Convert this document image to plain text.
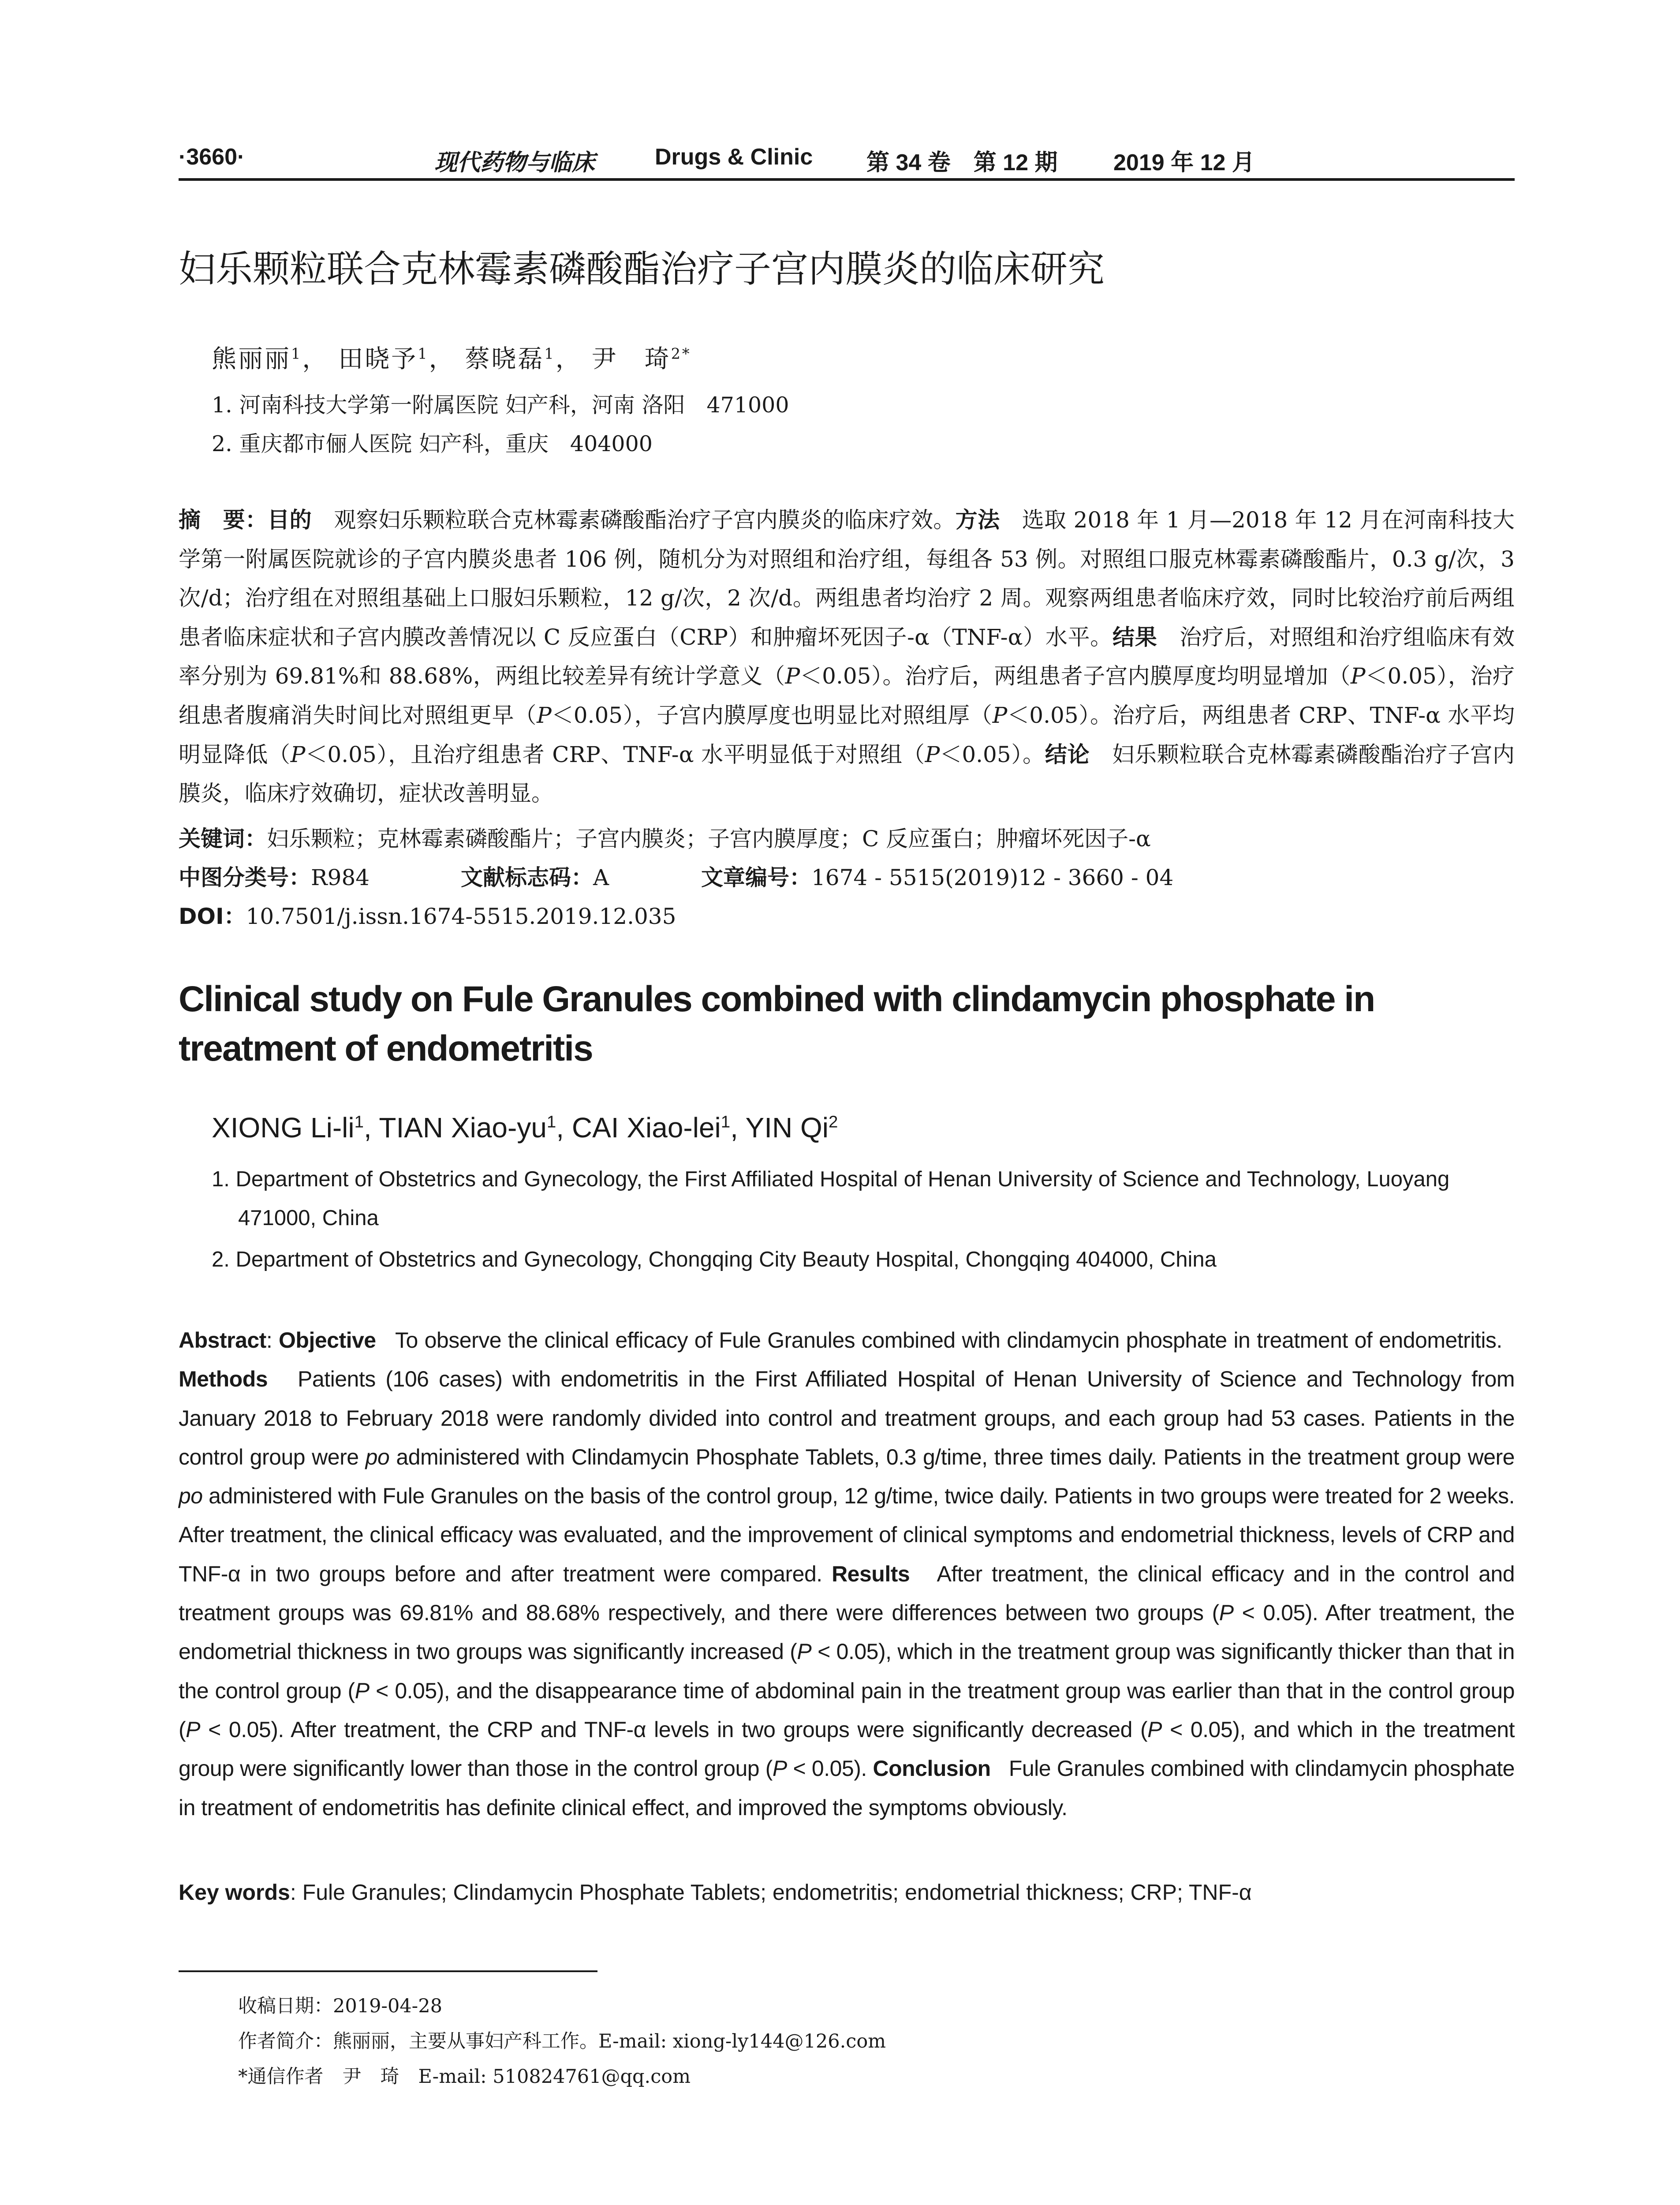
·3660·	现代药物与临床	Drugs & Clinic 第 34 卷　第 12 期 2019 年 12 月
妇乐颗粒联合克林霉素磷酸酯治疗子宫内膜炎的临床研究
熊丽丽$^1$， 田晓予$^1$， 蔡晓磊$^1$， 尹　琦$^{2*}$
1. 河南科技大学第一附属医院 妇产科，河南 洛阳　471000
2. 重庆都市俪人医院 妇产科，重庆　404000
摘　要：目的　 观察妇乐颗粒联合克林霉素磷酸酯治疗子宫内膜炎的临床疗效。方法　 选取 2018 年 1 月—2018 年 12 月在河南科技大学第一附属医院就诊的子宫内膜炎患者 106 例，随机分为对照组和治疗组，每组各 53 例。对照组口服克林霉素磷酸酯片，0.3 g/次，3 次/d；治疗组在对照组基础上口服妇乐颗粒，12 g/次，2 次/d。两组患者均治疗 2 周。观察两组患者临床疗效，同时比较治疗前后两组患者临床症状和子宫内膜改善情况以 C 反应蛋白（CRP）和肿瘤坏死因子-α（TNF-α）水平。结果　 治疗后，对照组和治疗组临床有效率分别为 69.81%和 88.68%，两组比较差异有统计学意义（P＜0.05）。治疗后，两组患者子宫内膜厚度均明显增加（P＜0.05），治疗组患者腹痛消失时间比对照组更早（P＜0.05），子宫内膜厚度也明显比对照组厚（P＜0.05）。治疗后，两组患者 CRP、TNF-α 水平均明显降低（P＜0.05），且治疗组患者 CRP、TNF-α 水平明显低于对照组（P＜0.05）。结论　 妇乐颗粒联合克林霉素磷酸酯治疗子宫内膜炎，临床疗效确切，症状改善明显。
关键词：妇乐颗粒；克林霉素磷酸酯片；子宫内膜炎；子宫内膜厚度；C 反应蛋白；肿瘤坏死因子-α
中图分类号：R984	文献标志码：A	文章编号：1674 - 5515(2019)12 - 3660 - 04
DOI：10.7501/j.issn.1674-5515.2019.12.035
Clinical study on Fule Granules combined with clindamycin phosphate in treatment of endometritis
XIONG $Li-li^1$, TIAN Xiao-$yu^1$, CAI Xiao-lei$^1$, YIN Qi$^2$
1. Department of Obstetrics and Gynecology, the First Affiliated Hospital of Henan University of Science and Technology, Luoyang
471000, China
2. Department of Obstetrics and Gynecology, Chongqing City Beauty Hospital, Chongqing 404000, China
Abstract: Objective To observe the clinical efficacy of Fule Granules combined with clindamycin phosphate in treatment of endometritis.   Methods Patients (106 cases) with endometritis in the First Affiliated Hospital of Henan University of Science and Technology from January 2018 to February 2018 were randomly divided into control and treatment groups, and each group had 53 cases. Patients in the control group were po administered with Clindamycin Phosphate Tablets, 0.3 g/time, three times daily. Patients in the treatment group were po administered with Fule Granules on the basis of the control group, 12 g/time, twice daily. Patients in two groups were treated for 2 weeks. After treatment, the clinical efficacy was evaluated, and the improvement of clinical symptoms and endometrial thickness, levels of CRP and TNF-α in two groups before and after treatment were compared. Results After treatment, the clinical efficacy and in the control and treatment groups was 69.81% and 88.68% respectively, and there were differences between two groups (P < 0.05). After treatment, the endometrial thickness in two groups was significantly increased (P < 0.05), which in the treatment group was significantly thicker than that in the control group (P < 0.05), and the disappearance time of abdominal pain in the treatment group was earlier than that in the control group (P < 0.05). After treatment, the CRP and TNF-α levels in two groups were significantly decreased (P < 0.05), and which in the treatment group were significantly lower than those in the control group (P < 0.05). Conclusion Fule Granules combined with clindamycin phosphate in treatment of endometritis has definite clinical effect, and improved the symptoms obviously.
Key words: Fule Granules; Clindamycin Phosphate Tablets; endometritis; endometrial thickness; CRP; TNF-α
收稿日期：2019-04-28
作者简介：熊丽丽，主要从事妇产科工作。E-mail: xiong-ly144@126.com
*通信作者　尹　琦　E-mail: 510824761@qq.com
